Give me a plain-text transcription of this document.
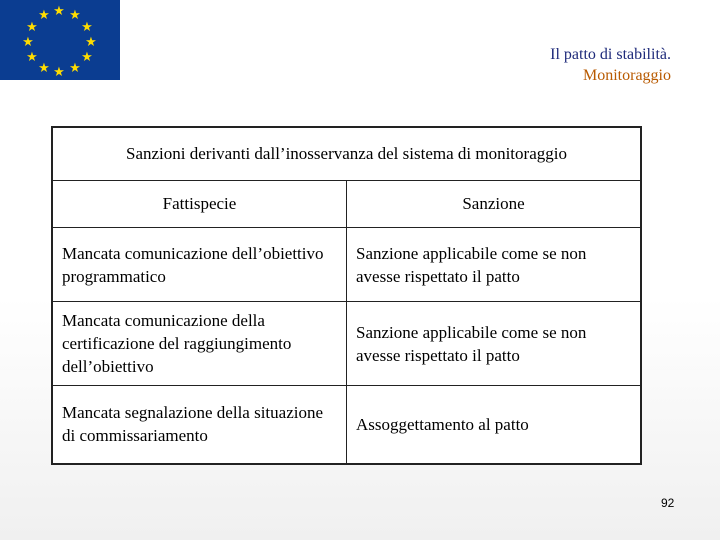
★ ★
★
★
★
★
★
★
★
★
★
★
Il patto di stabilità.
Monitoraggio
Sanzioni derivanti dall’inosservanza del sistema di monitoraggio	
Fattispecie	Sanzione
Mancata comunicazione dell’obiettivo programmatico	Sanzione applicabile come se non avesse rispettato il patto
Mancata comunicazione della certificazione del raggiungimento dell’obiettivo	Sanzione applicabile come se non avesse rispettato il patto
Mancata segnalazione della situazione di commissariamento	Assoggettamento al patto
92
